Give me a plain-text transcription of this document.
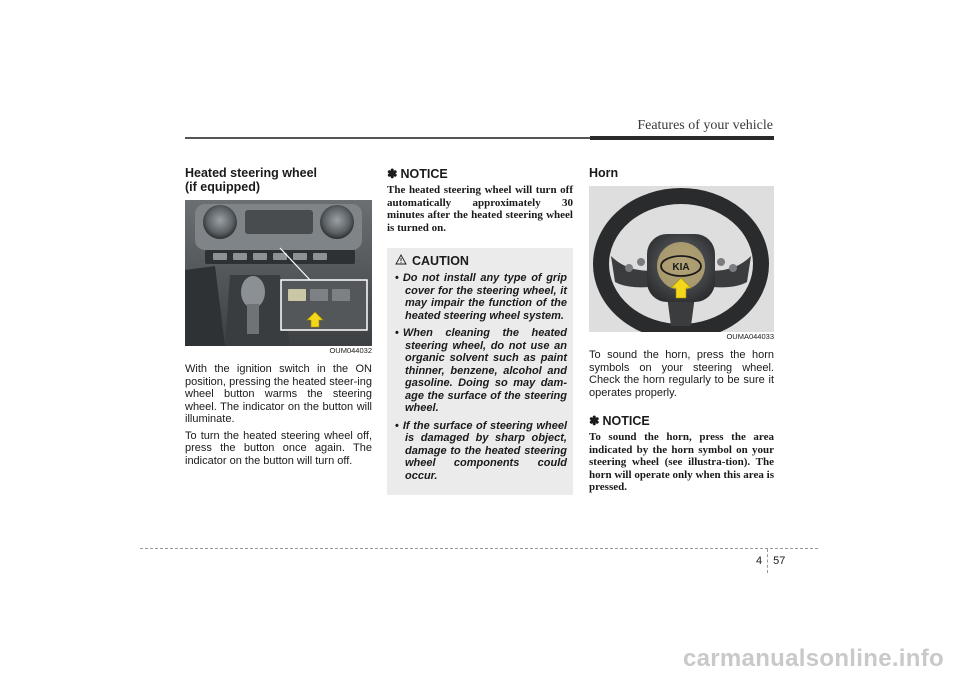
Features of your vehicle
Heated steering wheel
(if equipped)
OUM044032

With the ignition switch in the ON position, pressing the heated steer-ing wheel button warms the steering wheel. The indicator on the button will illuminate.

To turn the heated steering wheel off, press the button once again. The indicator on the button will turn off.

✽ NOTICE

The heated steering wheel will turn off automatically approximately 30 minutes after the heated steering wheel is turned on.

CAUTION
• Do not install any type of grip cover for the steering wheel, it may impair the function of the heated steering wheel system.
• When cleaning the heated steering wheel, do not use an organic solvent such as paint thinner, benzene, alcohol and gasoline. Doing so may dam-age the surface of the steering wheel.
• If the surface of steering wheel is damaged by sharp object, damage to the heated steering wheel components could occur.
Horn
KIA
OUMA044033

To sound the horn, press the horn symbols on your steering wheel. Check the horn regularly to be sure it operates properly.

✽ NOTICE

To sound the horn, press the area indicated by the horn symbol on your steering wheel (see illustra-tion). The horn will operate only when this area is pressed.

4 57
carmanualsonline.info
